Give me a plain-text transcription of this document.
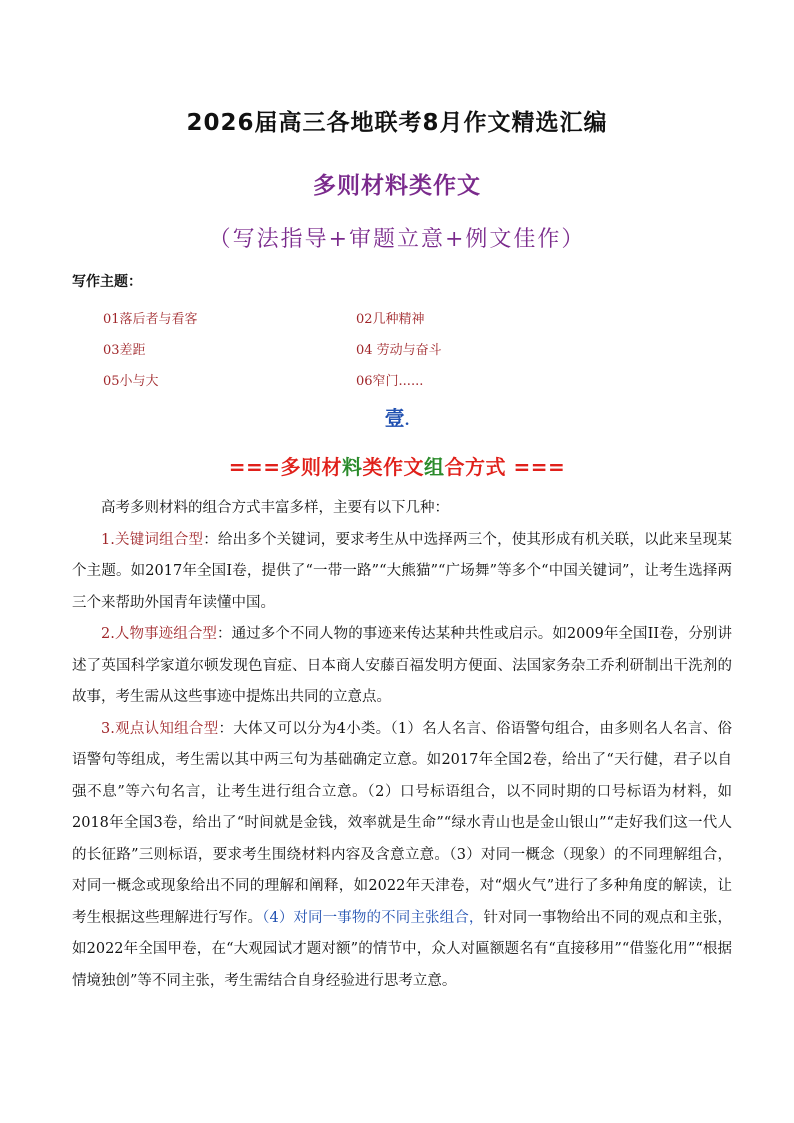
2026届高三各地联考8月作文精选汇编
多则材料类作文
（写法指导+审题立意+例文佳作）
写作主题：
01落后者与看客	02几种精神
03差距	04 劳动与奋斗
05小与大	06窄门......
壹.
===多则材料类作文组合方式 ===

高考多则材料的组合方式丰富多样，主要有以下几种：

1.关键词组合型：给出多个关键词，要求考生从中选择两三个，使其形成有机关联，以此来呈现某个主题。如2017年全国I卷，提供了“一带一路”“大熊猫”“广场舞”等多个“中国关键词”，让考生选择两三个来帮助外国青年读懂中国。

2.人物事迹组合型：通过多个不同人物的事迹来传达某种共性或启示。如2009年全国II卷，分别讲述了英国科学家道尔顿发现色盲症、日本商人安藤百福发明方便面、法国家务杂工乔利研制出干洗剂的故事，考生需从这些事迹中提炼出共同的立意点。

3.观点认知组合型：大体又可以分为4小类。（1）名人名言、俗语警句组合，由多则名人名言、俗语警句等组成，考生需以其中两三句为基础确定立意。如2017年全国2卷，给出了“天行健，君子以自强不息”等六句名言，让考生进行组合立意。（2）口号标语组合，以不同时期的口号标语为材料，如2018年全国3卷，给出了“时间就是金钱，效率就是生命”“绿水青山也是金山银山”“走好我们这一代人的长征路”三则标语，要求考生围绕材料内容及含意立意。（3）对同一概念（现象）的不同理解组合，对同一概念或现象给出不同的理解和阐释，如2022年天津卷，对“烟火气”进行了多种角度的解读，让考生根据这些理解进行写作。（4）对同一事物的不同主张组合，针对同一事物给出不同的观点和主张，如2022年全国甲卷，在“大观园试才题对额”的情节中，众人对匾额题名有“直接移用”“借鉴化用”“根据情境独创”等不同主张，考生需结合自身经验进行思考立意。
